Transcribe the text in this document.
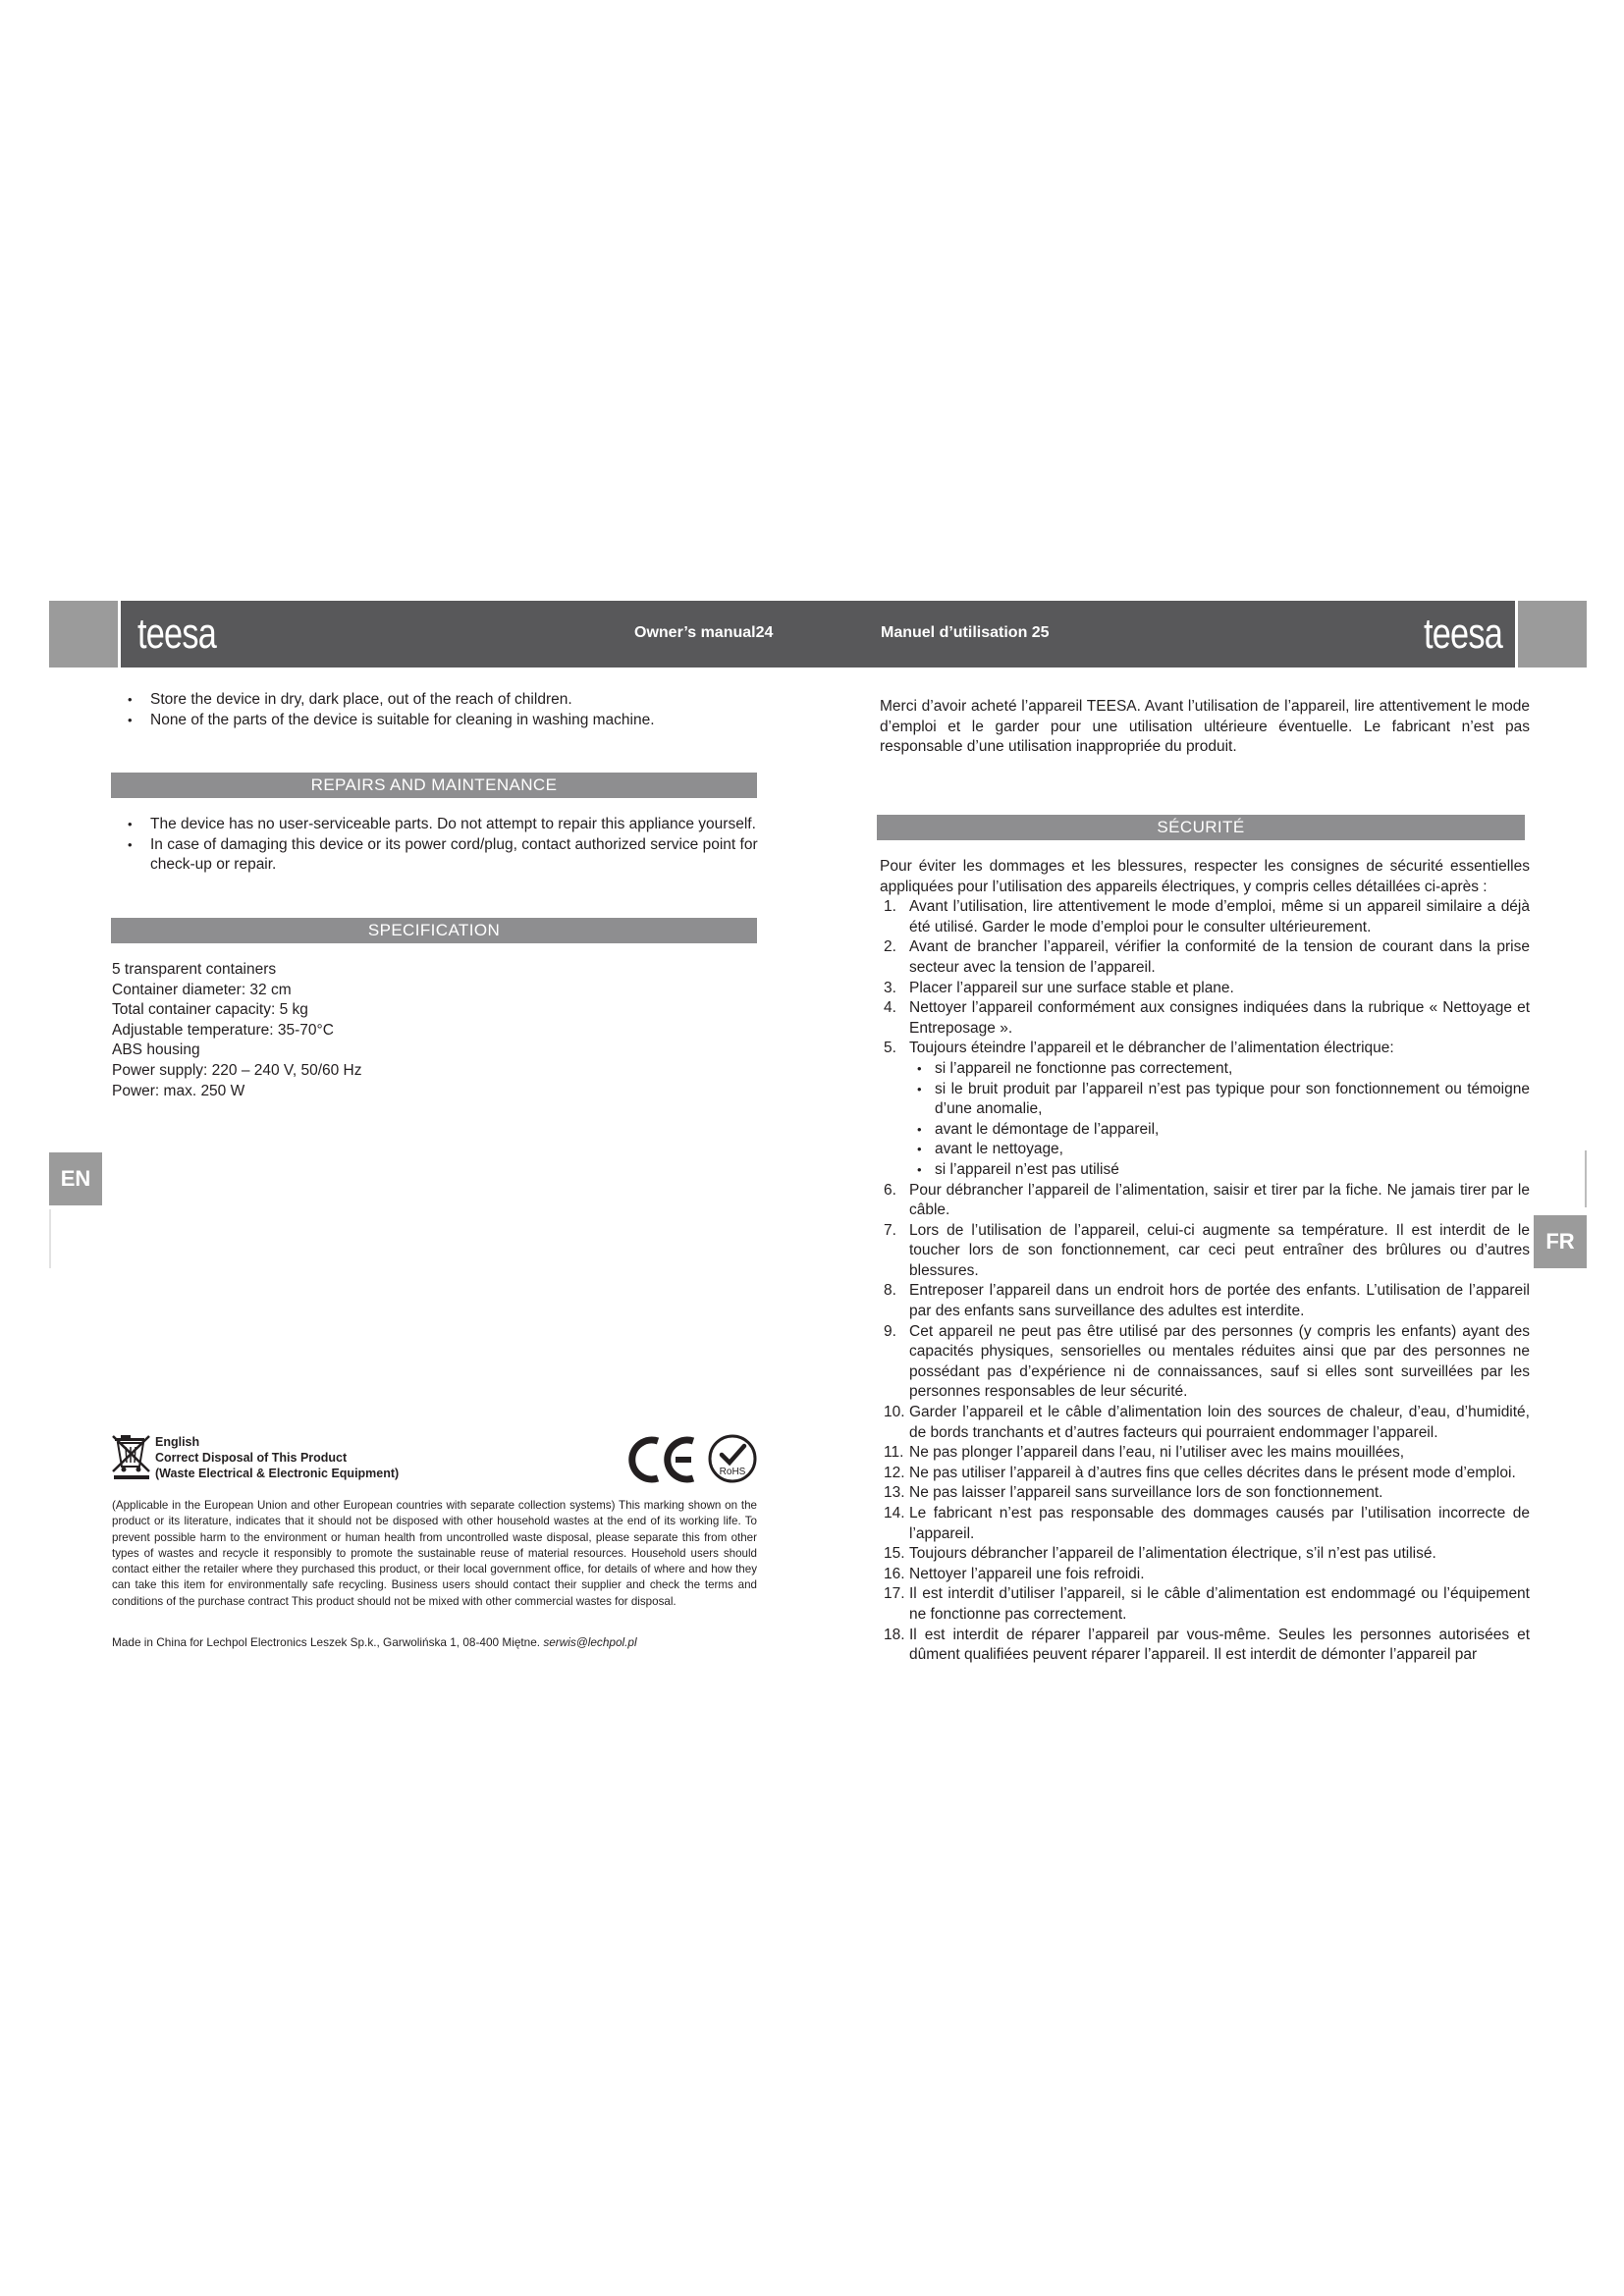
teesa	teesa
Owner’s manual24	Manuel d’utilisation 25

• Store the device in dry, dark place, out of the reach of children.

• None of the parts of the device is suitable for cleaning in washing machine.

REPAIRS AND MAINTENANCE

• The device has no user-serviceable parts. Do not attempt to repair this appliance yourself.

• In case of damaging this device or its power cord/plug, contact authorized service point for check-up or repair.

SPECIFICATION
5 transparent containers
Container diameter: 32 cm
Total container capacity: 5 kg
Adjustable temperature: 35-70°C
ABS housing
Power supply: 220 – 240 V, 50/60 Hz
Power: max. 250 W
EN
English
Correct Disposal of This Product
(Waste Electrical & Electronic Equipment)	RoHS
(Applicable in the European Union and other European countries with separate collection systems) This marking shown on the product or its literature, indicates that it should not be disposed with other household wastes at the end of its working life. To prevent possible harm to the environment or human health from uncontrolled waste disposal, please separate this from other types of wastes and recycle it responsibly to promote the sustainable reuse of material resources. Household users should contact either the retailer where they purchased this product, or their local government office, for details of where and how they can take this item for environmentally safe recycling. Business users should contact their supplier and check the terms and conditions of the purchase contract This product should not be mixed with other commercial wastes for disposal.
Made in China for Lechpol Electronics Leszek Sp.k., Garwolińska 1, 08-400 Miętne. serwis@lechpol.pl
Merci d’avoir acheté l’appareil TEESA. Avant l’utilisation de l’appareil, lire attentivement le mode d’emploi et le garder pour une utilisation ultérieure éventuelle. Le fabricant n’est pas responsable d’une utilisation inappropriée du produit.
SÉCURITÉ

Pour éviter les dommages et les blessures, respecter les consignes de sécurité essentielles appliquées pour l’utilisation des appareils électriques, y compris celles détaillées ci-après :

1. Avant l’utilisation, lire attentivement le mode d’emploi, même si un appareil similaire a déjà été utilisé. Garder le mode d’emploi pour le consulter ultérieurement.

2. Avant de brancher l’appareil, vérifier la conformité de la tension de courant dans la prise secteur avec la tension de l’appareil.

3. Placer l’appareil sur une surface stable et plane.

4. Nettoyer l’appareil conformément aux consignes indiquées dans la rubrique « Nettoyage et Entreposage ».

5. Toujours éteindre l’appareil et le débrancher de l’alimentation électrique:

• si l’appareil ne fonctionne pas correctement,

• si le bruit produit par l’appareil n’est pas typique pour son fonctionnement ou témoigne d’une anomalie,

• avant le démontage de l’appareil,

• avant le nettoyage,

• si l’appareil n’est pas utilisé

6. Pour débrancher l’appareil de l’alimentation, saisir et tirer par la fiche. Ne jamais tirer par le câble.

7. Lors de l’utilisation de l’appareil, celui-ci augmente sa température. Il est interdit de le toucher lors de son fonctionnement, car ceci peut entraîner des brûlures ou d’autres blessures.

8. Entreposer l’appareil dans un endroit hors de portée des enfants. L’utilisation de l’appareil par des enfants sans surveillance des adultes est interdite.

9. Cet appareil ne peut pas être utilisé par des personnes (y compris les enfants) ayant des capacités physiques, sensorielles ou mentales réduites ainsi que par des personnes ne possédant pas d’expérience ni de connaissances, sauf si elles sont surveillées par les personnes responsables de leur sécurité.

10. Garder l’appareil et le câble d’alimentation loin des sources de chaleur, d’eau, d’humidité, de bords tranchants et d’autres facteurs qui pourraient endommager l’appareil.

11. Ne pas plonger l’appareil dans l’eau, ni l’utiliser avec les mains mouillées,

12. Ne pas utiliser l’appareil à d’autres fins que celles décrites dans le présent mode d’emploi.

13. Ne pas laisser l’appareil sans surveillance lors de son fonctionnement.

14. Le fabricant n’est pas responsable des dommages causés par l’utilisation incorrecte de l’appareil.

15. Toujours débrancher l’appareil de l’alimentation électrique, s’il n’est pas utilisé.

16. Nettoyer l’appareil une fois refroidi.

17. Il est interdit d’utiliser l’appareil, si le câble d’alimentation est endommagé ou l’équipement ne fonctionne pas correctement.

18. Il est interdit de réparer l’appareil par vous-même. Seules les personnes autorisées et dûment qualifiées peuvent réparer l’appareil. Il est interdit de démonter l’appareil par

FR
